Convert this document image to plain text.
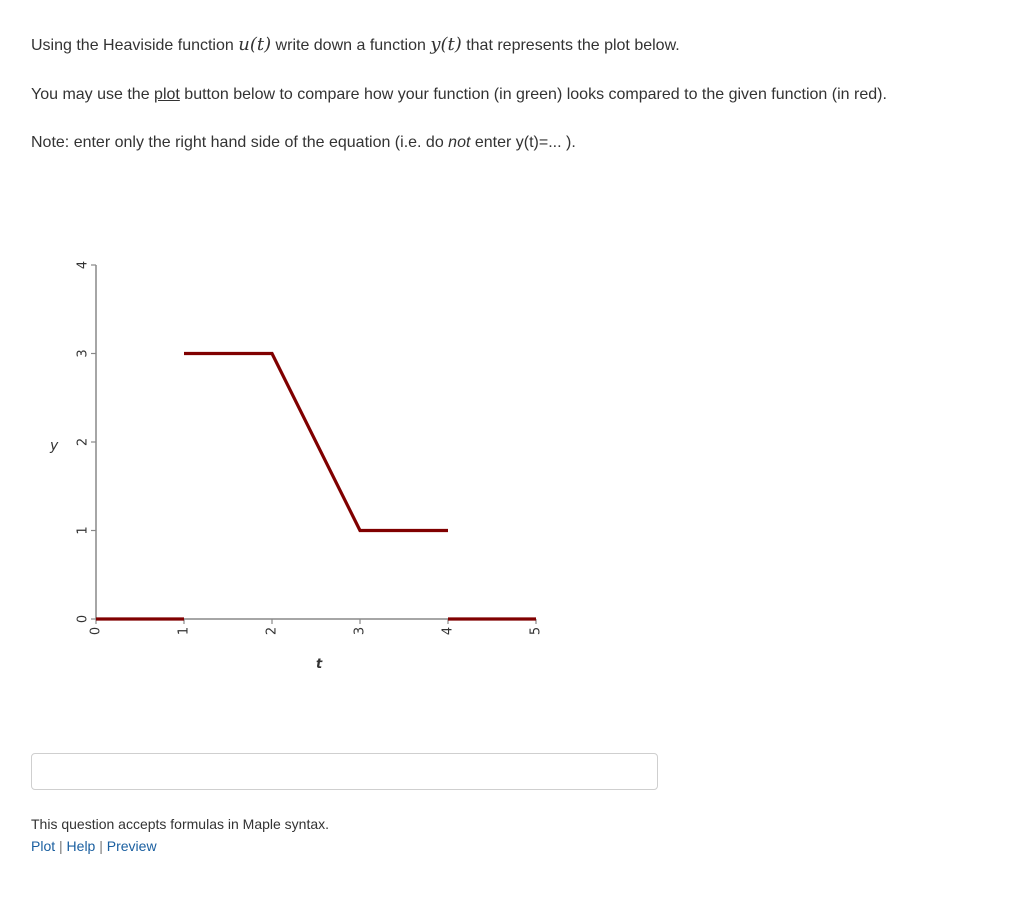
Using the Heaviside function u(t) write down a function y(t) that represents the plot below.

You may use the plot button below to compare how your function (in green) looks compared to the given function (in red).

Note: enter only the right hand side of the equation (i.e. do not enter y(t)=... ).

0
1
2
3
4
0	1	2	3	4	5
y
t
This question accepts formulas in Maple syntax.
Plot | Help | Preview
